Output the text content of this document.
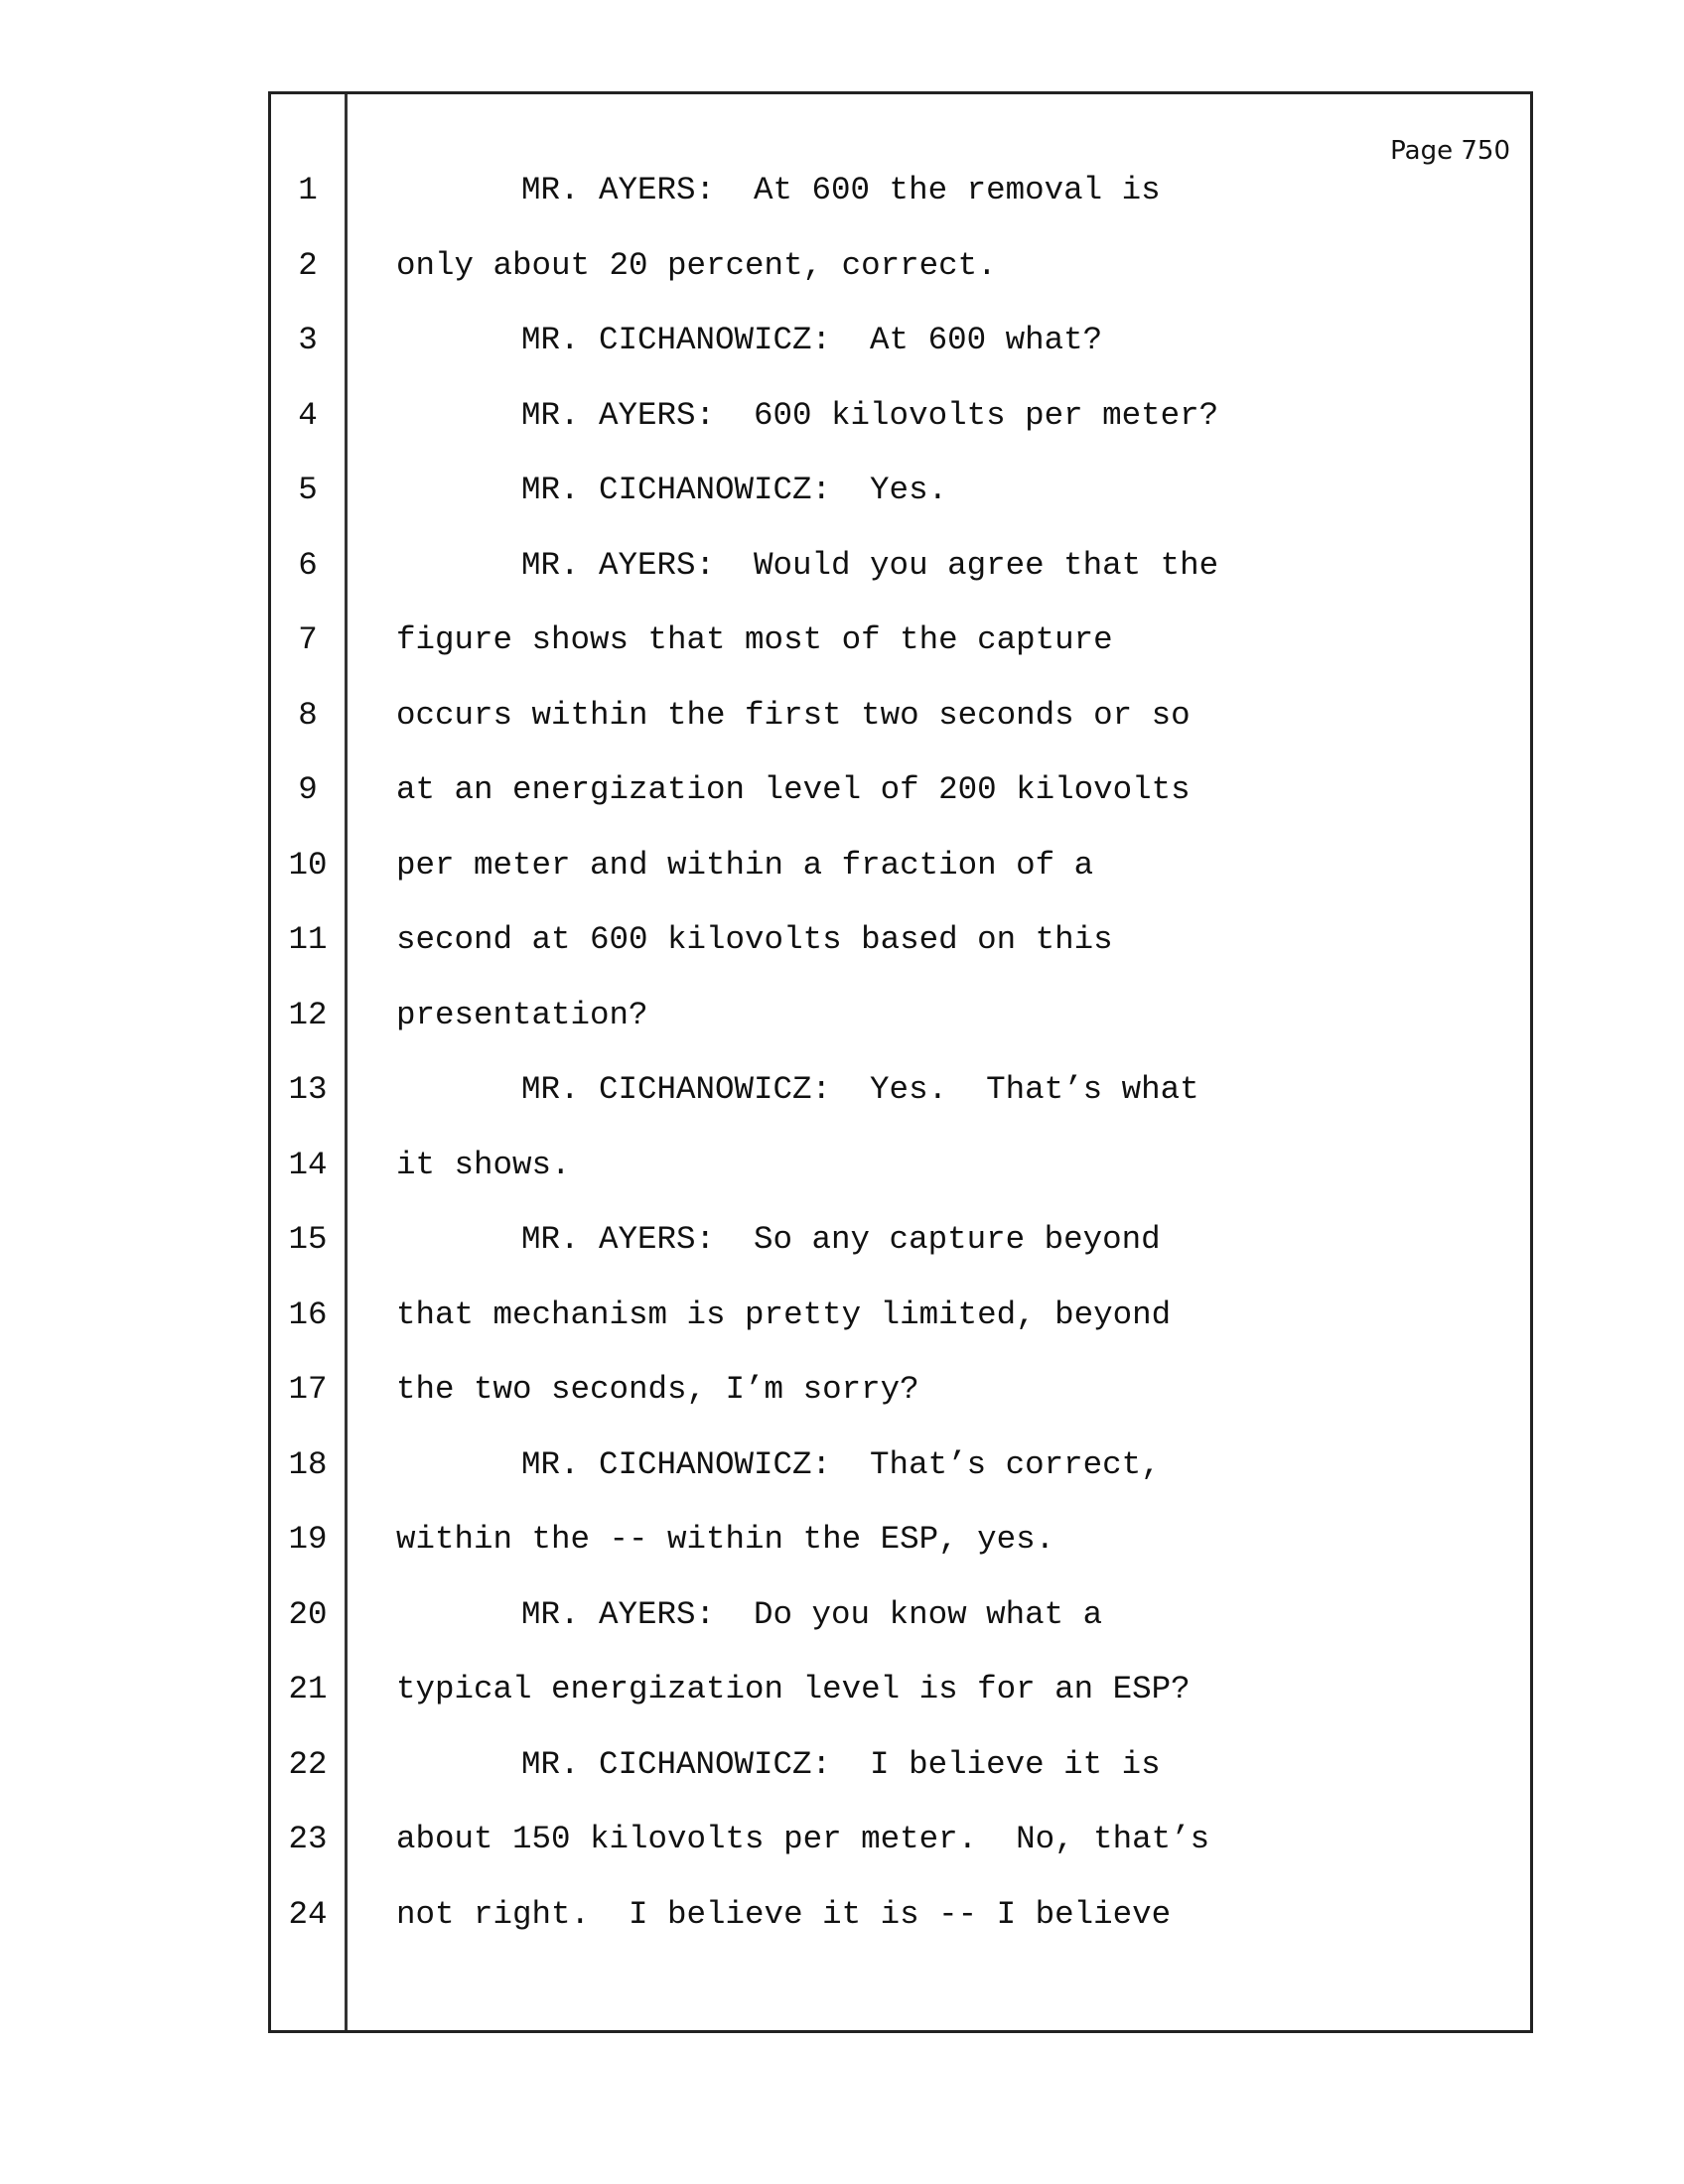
Page 750
1	MR. AYERS:  At 600 the removal is
2	only about 20 percent, correct.
3	MR. CICHANOWICZ:  At 600 what?
4	MR. AYERS:  600 kilovolts per meter?
5	MR. CICHANOWICZ:  Yes.
6	MR. AYERS:  Would you agree that the
7	figure shows that most of the capture
8	occurs within the first two seconds or so
9	at an energization level of 200 kilovolts
10 per meter and within a fraction of a
11 second at 600 kilovolts based on this
12 presentation?
13	MR. CICHANOWICZ:  Yes.  That’s what
14 it shows.
15	MR. AYERS:  So any capture beyond
16 that mechanism is pretty limited, beyond
17 the two seconds, I’m sorry?
18	MR. CICHANOWICZ:  That’s correct,
19 within the -- within the ESP, yes.
20	MR. AYERS:  Do you know what a
21 typical energization level is for an ESP?
22	MR. CICHANOWICZ:  I believe it is
23 about 150 kilovolts per meter.  No, that’s
24 not right.  I believe it is -- I believe
